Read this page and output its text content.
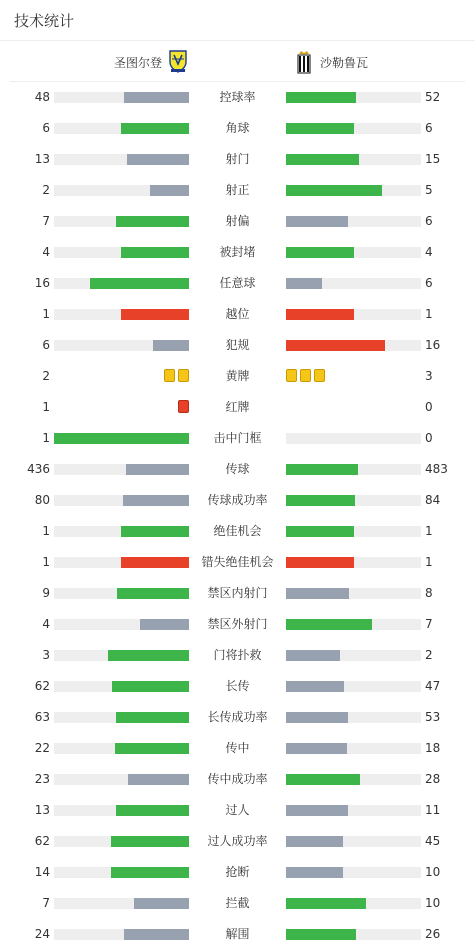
技术统计
圣图尔登	沙勒鲁瓦
48	控球率	52
6	角球	6
13	射门	15
2	射正	5
7	射偏	6
4	被封堵	4
16	任意球	6
1	越位	1
6	犯规	16
2	黄牌	3
1	红牌	0
1	击中门框	0
436	传球	483
80	传球成功率	84
1	绝佳机会	1
1	错失绝佳机会	1
9	禁区内射门	8
4	禁区外射门	7
3	门将扑救	2
62	长传	47
63	长传成功率	53
22	传中	18
23	传中成功率	28
13	过人	11
62	过人成功率	45
14	抢断	10
7	拦截	10
24	解围	26
